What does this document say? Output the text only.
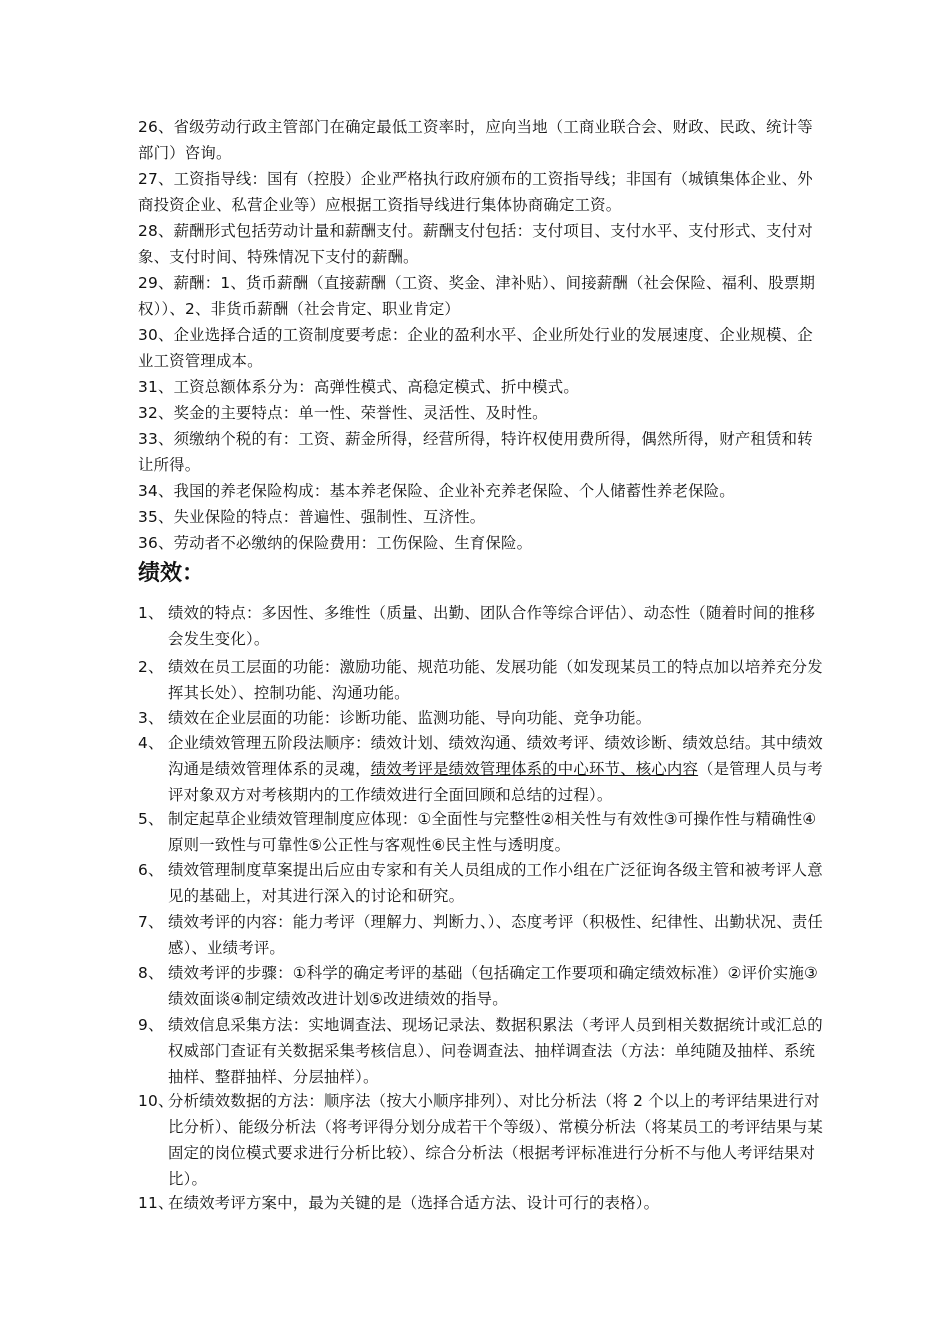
26、省级劳动行政主管部门在确定最低工资率时，应向当地（工商业联合会、财政、民政、统计等部门）咨询。
27、工资指导线：国有（控股）企业严格执行政府颁布的工资指导线；非国有（城镇集体企业、外商投资企业、私营企业等）应根据工资指导线进行集体协商确定工资。
28、薪酬形式包括劳动计量和薪酬支付。薪酬支付包括：支付项目、支付水平、支付形式、支付对象、支付时间、特殊情况下支付的薪酬。
29、薪酬：1、货币薪酬（直接薪酬（工资、奖金、津补贴）、间接薪酬（社会保险、福利、股票期权））、2、非货币薪酬（社会肯定、职业肯定）
30、企业选择合适的工资制度要考虑：企业的盈利水平、企业所处行业的发展速度、企业规模、企业工资管理成本。
31、工资总额体系分为：高弹性模式、高稳定模式、折中模式。
32、奖金的主要特点：单一性、荣誉性、灵活性、及时性。
33、须缴纳个税的有：工资、薪金所得，经营所得，特许权使用费所得，偶然所得，财产租赁和转让所得。
34、我国的养老保险构成：基本养老保险、企业补充养老保险、个人储蓄性养老保险。
35、失业保险的特点：普遍性、强制性、互济性。
36、劳动者不必缴纳的保险费用：工伤保险、生育保险。
绩效：
1、 绩效的特点：多因性、多维性（质量、出勤、团队合作等综合评估）、动态性（随着时间的推移会发生变化）。
2、 绩效在员工层面的功能：激励功能、规范功能、发展功能（如发现某员工的特点加以培养充分发挥其长处）、控制功能、沟通功能。
3、 绩效在企业层面的功能：诊断功能、监测功能、导向功能、竞争功能。
4、 企业绩效管理五阶段法顺序：绩效计划、绩效沟通、绩效考评、绩效诊断、绩效总结。其中绩效沟通是绩效管理体系的灵魂，绩效考评是绩效管理体系的中心环节、核心内容（是管理人员与考评对象双方对考核期内的工作绩效进行全面回顾和总结的过程）。
5、 制定起草企业绩效管理制度应体现：①全面性与完整性②相关性与有效性③可操作性与精确性④原则一致性与可靠性⑤公正性与客观性⑥民主性与透明度。
6、 绩效管理制度草案提出后应由专家和有关人员组成的工作小组在广泛征询各级主管和被考评人意见的基础上，对其进行深入的讨论和研究。
7、 绩效考评的内容：能力考评（理解力、判断力、）、态度考评（积极性、纪律性、出勤状况、责任感）、业绩考评。
8、 绩效考评的步骤：①科学的确定考评的基础（包括确定工作要项和确定绩效标准）②评价实施③绩效面谈④制定绩效改进计划⑤改进绩效的指导。
9、 绩效信息采集方法：实地调查法、现场记录法、数据积累法（考评人员到相关数据统计或汇总的权威部门查证有关数据采集考核信息）、问卷调查法、抽样调查法（方法：单纯随及抽样、系统抽样、整群抽样、分层抽样）。
10、
分析绩效数据的方法：顺序法（按大小顺序排列）、对比分析法（将 2 个以上的考评结果进行对比分析）、能级分析法（将考评得分划分成若干个等级）、常模分析法（将某员工的考评结果与某固定的岗位模式要求进行分析比较）、综合分析法（根据考评标准进行分析不与他人考评结果对比）。
11、
在绩效考评方案中，最为关键的是（选择合适方法、设计可行的表格）。
